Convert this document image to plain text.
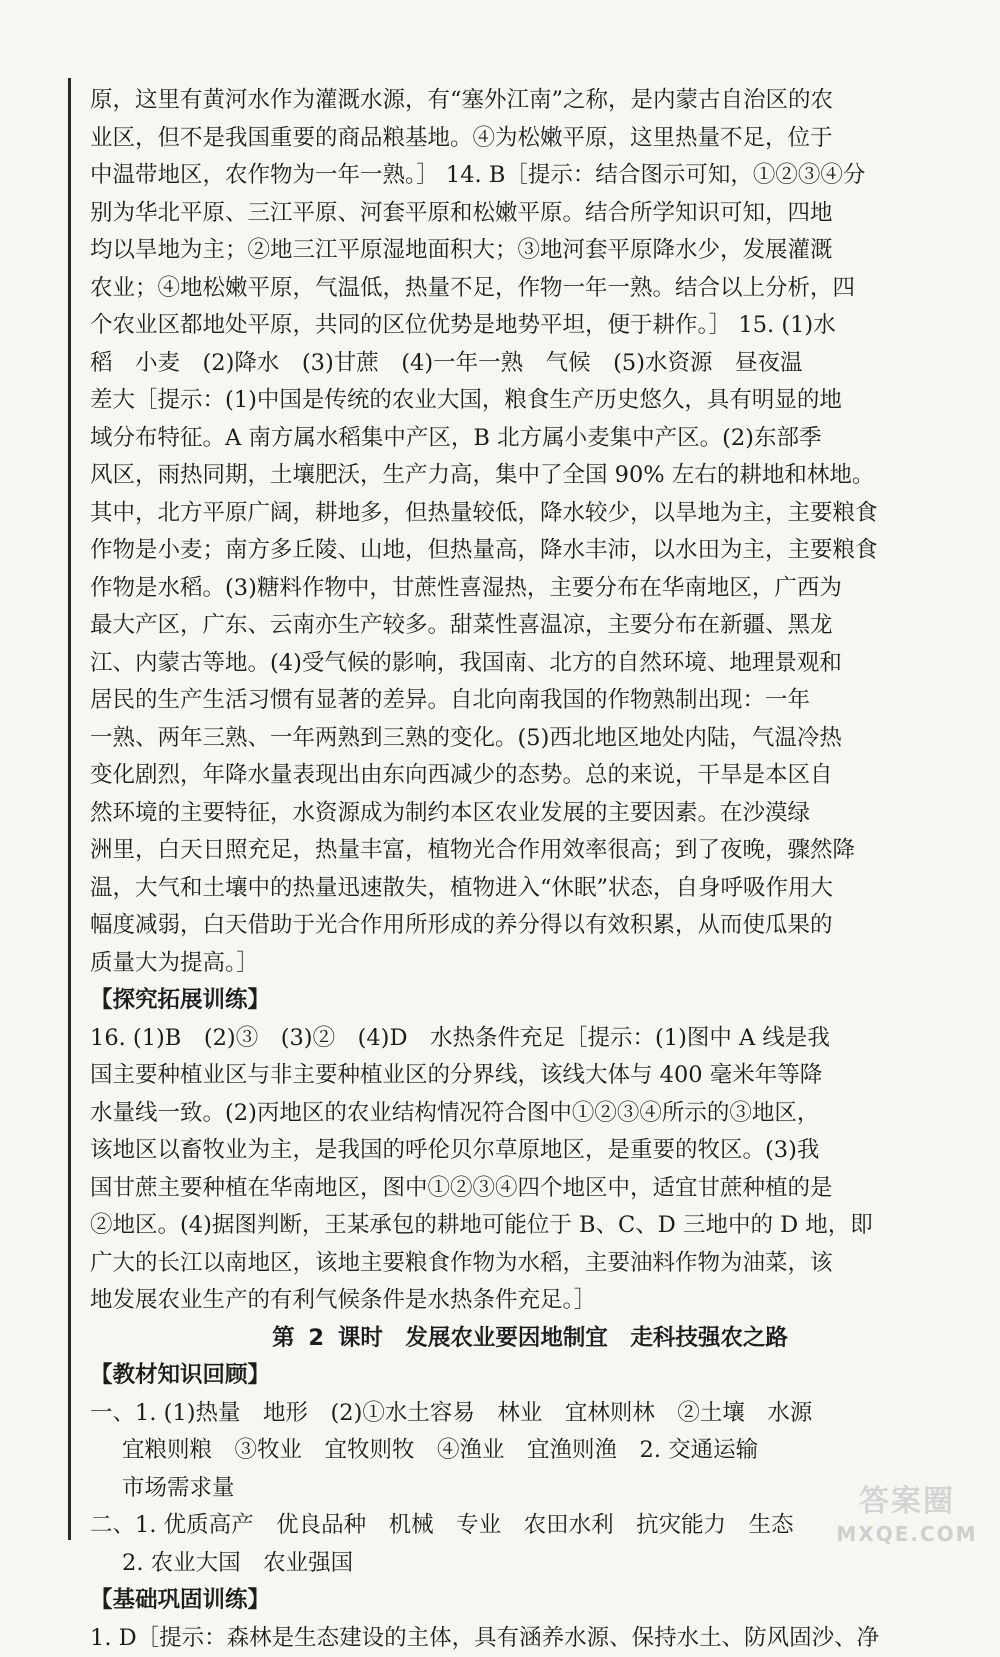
原，这里有黄河水作为灌溉水源，有“塞外江南”之称，是内蒙古自治区的农
业区，但不是我国重要的商品粮基地。④为松嫩平原，这里热量不足，位于
中温带地区，农作物为一年一熟。］ 14. B［提示：结合图示可知，①②③④分
别为华北平原、三江平原、河套平原和松嫩平原。结合所学知识可知，四地
均以旱地为主；②地三江平原湿地面积大；③地河套平原降水少，发展灌溉
农业；④地松嫩平原，气温低，热量不足，作物一年一熟。结合以上分析，四
个农业区都地处平原，共同的区位优势是地势平坦，便于耕作。］ 15. (1)水
稻　小麦　(2)降水　(3)甘蔗　(4)一年一熟　气候　(5)水资源　昼夜温
差大［提示：(1)中国是传统的农业大国，粮食生产历史悠久，具有明显的地
域分布特征。A 南方属水稻集中产区，B 北方属小麦集中产区。(2)东部季
风区，雨热同期，土壤肥沃，生产力高，集中了全国 90% 左右的耕地和林地。
其中，北方平原广阔，耕地多，但热量较低，降水较少，以旱地为主，主要粮食
作物是小麦；南方多丘陵、山地，但热量高，降水丰沛，以水田为主，主要粮食
作物是水稻。(3)糖料作物中，甘蔗性喜湿热，主要分布在华南地区，广西为
最大产区，广东、云南亦生产较多。甜菜性喜温凉，主要分布在新疆、黑龙
江、内蒙古等地。(4)受气候的影响，我国南、北方的自然环境、地理景观和
居民的生产生活习惯有显著的差异。自北向南我国的作物熟制出现：一年
一熟、两年三熟、一年两熟到三熟的变化。(5)西北地区地处内陆，气温冷热
变化剧烈，年降水量表现出由东向西减少的态势。总的来说，干旱是本区自
然环境的主要特征，水资源成为制约本区农业发展的主要因素。在沙漠绿
洲里，白天日照充足，热量丰富，植物光合作用效率很高；到了夜晚，骤然降
温，大气和土壤中的热量迅速散失，植物进入“休眠”状态，自身呼吸作用大
幅度减弱，白天借助于光合作用所形成的养分得以有效积累，从而使瓜果的
质量大为提高。］
【探究拓展训练】
16. (1)B　(2)③　(3)②　(4)D　水热条件充足［提示：(1)图中 A 线是我
国主要种植业区与非主要种植业区的分界线，该线大体与 400 毫米年等降
水量线一致。(2)丙地区的农业结构情况符合图中①②③④所示的③地区，
该地区以畜牧业为主，是我国的呼伦贝尔草原地区，是重要的牧区。(3)我
国甘蔗主要种植在华南地区，图中①②③④四个地区中，适宜甘蔗种植的是
②地区。(4)据图判断，王某承包的耕地可能位于 B、C、D 三地中的 D 地，即
广大的长江以南地区，该地主要粮食作物为水稻，主要油料作物为油菜，该
地发展农业生产的有利气候条件是水热条件充足。］
第 2 课时　发展农业要因地制宜　走科技强农之路
【教材知识回顾】
一、1. (1)热量　地形　(2)①水土容易　林业　宜林则林　②土壤　水源
宜粮则粮　③牧业　宜牧则牧　④渔业　宜渔则渔　2. 交通运输
市场需求量
二、1. 优质高产　优良品种　机械　专业　农田水利　抗灾能力　生态
2. 农业大国　农业强国
【基础巩固训练】
1. D［提示：森林是生态建设的主体，具有涵养水源、保持水土、防风固沙、净
答案圈
MXQE.COM
